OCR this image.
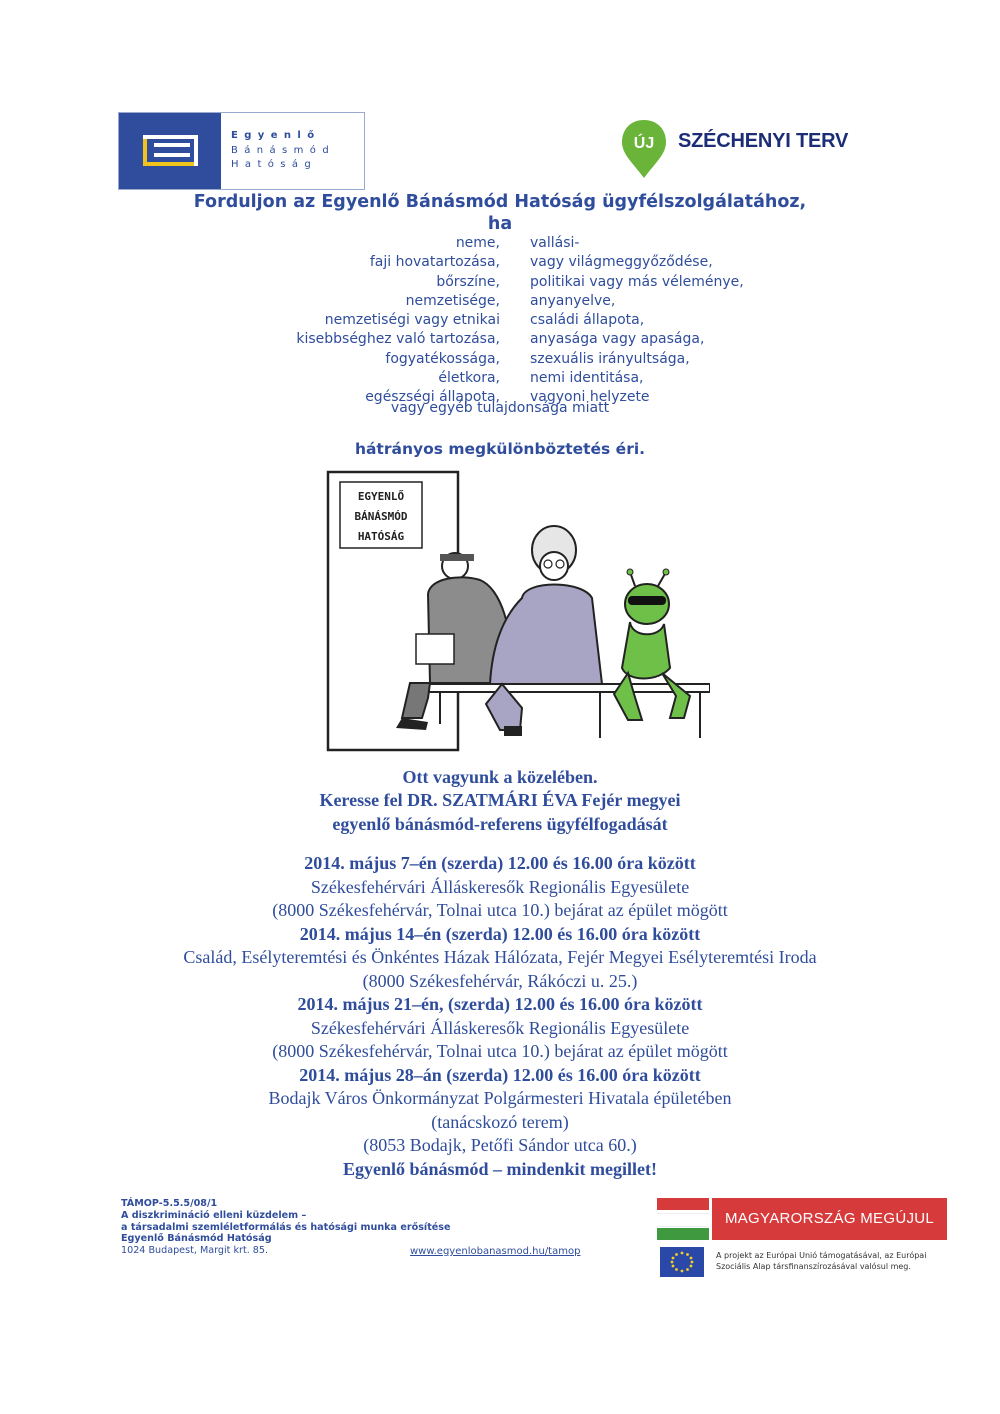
Egyenlő
Bánásmód
Hatóság
ÚJ SZÉCHENYI TERV
Forduljon az Egyenlő Bánásmód Hatóság ügyfélszolgálatához,
ha
neme,
faji hovatartozása,
bőrszíne,
nemzetisége,
nemzetiségi vagy etnikai
kisebbséghez való tartozása,
fogyatékossága,
életkora,
egészségi állapota,
vallási-
vagy világmeggyőződése,
politikai vagy más véleménye,
anyanyelve,
családi állapota,
anyasága vagy apasága,
szexuális irányultsága,
nemi identitása,
vagyoni helyzete
vagy egyéb tulajdonsága miatt
hátrányos megkülönböztetés éri.
EGYENLŐ
BÁNÁSMÓD
HATÓSÁG
Ott vagyunk a közelében.
Keresse fel DR. SZATMÁRI ÉVA Fejér megyei
egyenlő bánásmód-referens ügyfélfogadását
2014. május 7–én (szerda) 12.00 és 16.00 óra között
Székesfehérvári Álláskeresők Regionális Egyesülete
(8000 Székesfehérvár, Tolnai utca 10.) bejárat az épület mögött
2014. május 14–én (szerda) 12.00 és 16.00 óra között
Család, Esélyteremtési és Önkéntes Házak Hálózata, Fejér Megyei Esélyteremtési Iroda
(8000 Székesfehérvár, Rákóczi u. 25.)
2014. május 21–én, (szerda) 12.00 és 16.00 óra között
Székesfehérvári Álláskeresők Regionális Egyesülete
(8000 Székesfehérvár, Tolnai utca 10.) bejárat az épület mögött
2014. május 28–án (szerda) 12.00 és 16.00 óra között
Bodajk Város Önkormányzat Polgármesteri Hivatala épületében
(tanácskozó terem)
(8053 Bodajk, Petőfi Sándor utca 60.)
Egyenlő bánásmód – mindenkit megillet!
TÁMOP-5.5.5/08/1
A diszkrimináció elleni küzdelem –
a társadalmi szemléletformálás és hatósági munka erősítése
Egyenlő Bánásmód Hatóság
1024 Budapest, Margit krt. 85.	www.egyenlobanasmod.hu/tamop
MAGYARORSZÁG MEGÚJUL
A projekt az Európai Unió támogatásával, az Európai Szociális Alap társfinanszírozásával valósul meg.
